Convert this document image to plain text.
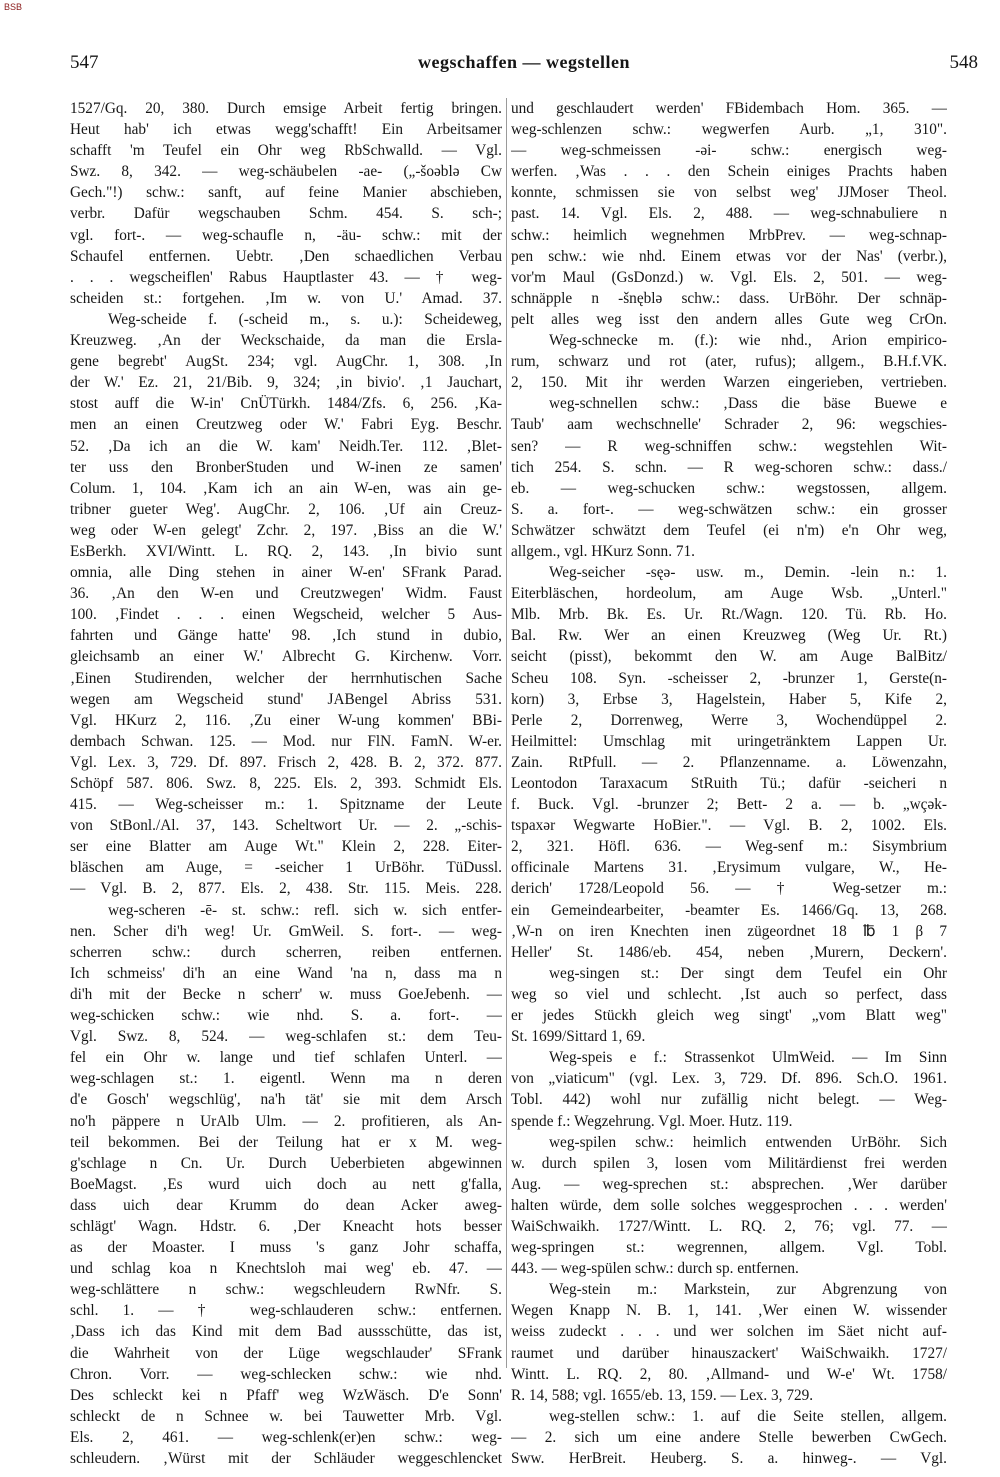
BSB
547	wegschaffen — wegstellen	548
1527/Gq. 20, 380. Durch emsige Arbeit fertig bringen.
Heut hab' ich etwas wegg'schafft! Ein Arbeitsamer
schafft 'm Teufel ein Ohr weg RbSchwalld. — Vgl.
Swz. 8, 342. — weg-schäubelen -ae- („-šoəblə Cw
Gech."!) schw.: sanft, auf feine Manier abschieben,
verbr. Dafür wegschauben Schm. 454. S. sch-;
vgl. fort-. — weg-schaufle n, -äu- schw.: mit der
Schaufel entfernen. Uebtr. ‚Den schaedlichen Verbau
. . . wegscheiflen' Rabus Hauptlaster 43. — † weg-
scheiden st.: fortgehen. ‚Im w. von U.' Amad. 37.
Weg-scheide f. (-scheid m., s. u.): Scheideweg,
Kreuzweg. ‚An der Weckschaide, da man die Erslа-
gene begrebt' AugSt. 234; vgl. AugChr. 1, 308. ‚In
der W.' Ez. 21, 21/Bib. 9, 324; ‚in bivio'. ‚1 Jauchart,
stost auff die W-in' CnÜTürkh. 1484/Zfs. 6, 256. ‚Ka-
men an einen Creutzweg oder W.' Fabri Eyg. Beschr.
52. ‚Da ich an die W. kam' Neidh.Ter. 112. ‚Blet-
ter uss den BronberStuden und W-inen ze samen'
Colum. 1, 104. ‚Kam ich an ain W-en, was ain ge-
tribner gueter Weg'. AugChr. 2, 106. ‚Uf ain Creuz-
weg oder W-en gelegt' Zchr. 2, 197. ‚Biss an die W.'
EsBerkh. XVI/Wintt. L. RQ. 2, 143. ‚In bivio sunt
omnia, alle Ding stehen in ainer W-en' SFrank Parad.
36. ‚An den W-en und Creutzwegen' Widm. Faust
100. ‚Findet . . . einen Wegscheid, welcher 5 Aus-
fahrten und Gänge hatte' 98. ‚Ich stund in dubio,
gleichsamb an einer W.' Albrecht G. Kirchenw. Vorr.
‚Einen Studirenden, welcher der herrnhutischen Sache
wegen am Wegscheid stund' JABengel Abriss 531.
Vgl. HKurz 2, 116. ‚Zu einer W-ung kommen' BBi-
dembach Schwan. 125. — Mod. nur FlN. FamN. W-er.
Vgl. Lex. 3, 729. Df. 897. Frisch 2, 428. B. 2, 372. 877.
Schöpf 587. 806. Swz. 8, 225. Els. 2, 393. Schmidt Els.
415. — Weg-scheisser m.: 1. Spitzname der Leute
von StBonl./Al. 37, 143. Scheltwort Ur. — 2. „-schis-
ser eine Blatter am Auge Wt." Klein 2, 228. Eiter-
bläschen am Auge, = -seicher 1 UrBöhr. TüDussl.
— Vgl. B. 2, 877. Els. 2, 438. Str. 115. Meis. 228.
weg-scheren -ē- st. schw.: refl. sich w. sich entfer-
nen. Scher di'h weg! Ur. GmWeil. S. fort-. — weg-
scherren schw.: durch scherren, reiben entfernen.
Ich schmeiss' di'h an eine Wand 'na n, dass ma n
di'h mit der Becke n scherr' w. muss GoeJebenh. —
weg-schicken schw.: wie nhd. S. a. fort-. —
Vgl. Swz. 8, 524. — weg-schlafen st.: dem Teu-
fel ein Ohr w. lange und tief schlafen Unterl. —
weg-schlagen st.: 1. eigentl. Wenn ma n deren
d'e Gosch' wegschlüg', na'h tät' sie mit dem Arsch
no'h päppere n UrAlb Ulm. — 2. profitieren, als An-
teil bekommen. Bei der Teilung hat er x M. weg-
g'schlage n Cn. Ur. Durch Ueberbieten abgewinnen
BoeMagst. ‚Es wurd uich doch au nett g'falla,
dass uich dear Krumm do dean Acker aweg-
schlägt' Wagn. Hdstr. 6. ‚Der Kneacht hots besser
as der Moaster. I muss 's ganz Johr schaffa,
und schlag koa n Knechtsloh mai weg' eb. 47. —
weg-schlättere n schw.: wegschleudern RwNfr. S.
schl. 1. — † weg-schlauderen schw.: entfernen.
‚Dass ich das Kind mit dem Bad aussschütte, das ist,
die Wahrheit von der Lüge wegschlauder' SFrank
Chron. Vorr. — weg-schlecken schw.: wie nhd.
Des schleckt kei n Pfaff' weg WzWäsch. D'e Sonn'
schleckt de n Schnee w. bei Tauwetter Mrb. Vgl.
Els. 2, 461. — weg-schlenk(er)en schw.: weg-
schleudern. ‚Würst mit der Schläuder weggeschlencket
und geschlaudert werden' FBidembach Hom. 365. —
weg-schlenzen schw.: wegwerfen Aurb. „1, 310".
— weg-schmeissen -əi- schw.: energisch weg-
werfen. ‚Was . . . den Schein einiges Prachts haben
konnte, schmissen sie von selbst weg' JJMoser Theol.
past. 14. Vgl. Els. 2, 488. — weg-schnabuliere n
schw.: heimlich wegnehmen MrbPrev. — weg-schnap-
pen schw.: wie nhd. Einem etwas vor der Nas' (verbr.),
vor'm Maul (GsDonzd.) w. Vgl. Els. 2, 501. — weg-
schnäpple n -šnęblə schw.: dass. UrBöhr. Der schnäp-
pelt alles weg isst den andern alles Gute weg CrOn.
Weg-schnecke m. (f.): wie nhd., Arion empirico-
rum, schwarz und rot (ater, rufus); allgem., B.H.f.VK.
2, 150. Mit ihr werden Warzen eingerieben, vertrieben.
weg-schnellen schw.: ‚Dass die bäse Buewe e
Taub' aam wechschnelle' Schrader 2, 96: wegschies-
sen? — R weg-schniffen schw.: wegstehlen Wit-
tich 254. S. schn. — R weg-schoren schw.: dass./
eb. — weg-schucken schw.: wegstossen, allgem.
S. a. fort-. — weg-schwätzen schw.: ein grosser
Schwätzer schwätzt dem Teufel (ei n'm) e'n Ohr weg,
allgem., vgl. HKurz Sonn. 71.
Weg-seicher -sęə- usw. m., Demin. -lein n.: 1.
Eiterbläschen, hordeolum, am Auge Wsb. „Unterl."
Mlb. Mrb. Bk. Es. Ur. Rt./Wagn. 120. Tü. Rb. Ho.
Bal. Rw. Wer an einen Kreuzweg (Weg Ur. Rt.)
seicht (pisst), bekommt den W. am Auge BalBitz/
Scheu 108. Syn. -scheisser 2, -brunzer 1, Gerste(n-
korn) 3, Erbse 3, Hagelstein, Haber 5, Kife 2,
Perle 2, Dorrenweg, Werre 3, Wochendüppel 2.
Heilmittel: Umschlag mit uringetränktem Lappen Ur.
Zain. RtPfull. — 2. Pflanzenname. a. Löwenzahn,
Leontodon Taraxacum StRuith Tü.; dafür -seicheri n
f. Buck. Vgl. -brunzer 2; Bett- 2 a. — b. „wçək-
tspaxər Wegwarte HoBier.". — Vgl. B. 2, 1002. Els.
2, 321. Höfl. 636. — Weg-senf m.: Sisymbrium
officinale Martens 31. ‚Erysimum vulgare, W., He-
derich' 1728/Leopold 56. — † Weg-setzer m.:
ein Gemeindearbeiter, -beamter Es. 1466/Gq. 13, 268.
‚W-n on iren Knechten inen zügeordnet 18 ℔ 1 β 7
Heller' St. 1486/eb. 454, neben ‚Murern, Deckern'.
weg-singen st.: Der singt dem Teufel ein Ohr
weg so viel und schlecht. ‚Ist auch so perfect, dass
er jedes Stückh gleich weg singt' „vom Blatt weg"
St. 1699/Sittard 1, 69.
Weg-speis e f.: Strassenkot UlmWeid. — Im Sinn
von „viaticum" (vgl. Lex. 3, 729. Df. 896. Sch.O. 1961.
Tobl. 442) wohl nur zufällig nicht belegt. — Weg-
spende f.: Wegzehrung. Vgl. Moer. Hutz. 119.
weg-spilen schw.: heimlich entwenden UrBöhr. Sich
w. durch spilen 3, losen vom Militärdienst frei werden
Aug. — weg-sprechen st.: absprechen. ‚Wer darüber
halten würde, dem solle solches weggesprochen . . . werden'
WaiSchwaikh. 1727/Wintt. L. RQ. 2, 76; vgl. 77. —
weg-springen st.: wegrennen, allgem. Vgl. Tobl.
443. — weg-spülen schw.: durch sp. entfernen.
Weg-stein m.: Markstein, zur Abgrenzung von
Wegen Knapp N. B. 1, 141. ‚Wer einen W. wissender
weiss zudeckt . . . und wer solchen im Säet nicht auf-
raumet und darüber hinauszackert' WaiSchwaikh. 1727/
Wintt. L. RQ. 2, 80. ‚Allmand- und W-e' Wt. 1758/
R. 14, 588; vgl. 1655/eb. 13, 159. — Lex. 3, 729.
weg-stellen schw.: 1. auf die Seite stellen, allgem.
— 2. sich um eine andere Stelle bewerben CwGech.
Sww. HerBreit. Heuberg. S. a. hinweg-. — Vgl.
